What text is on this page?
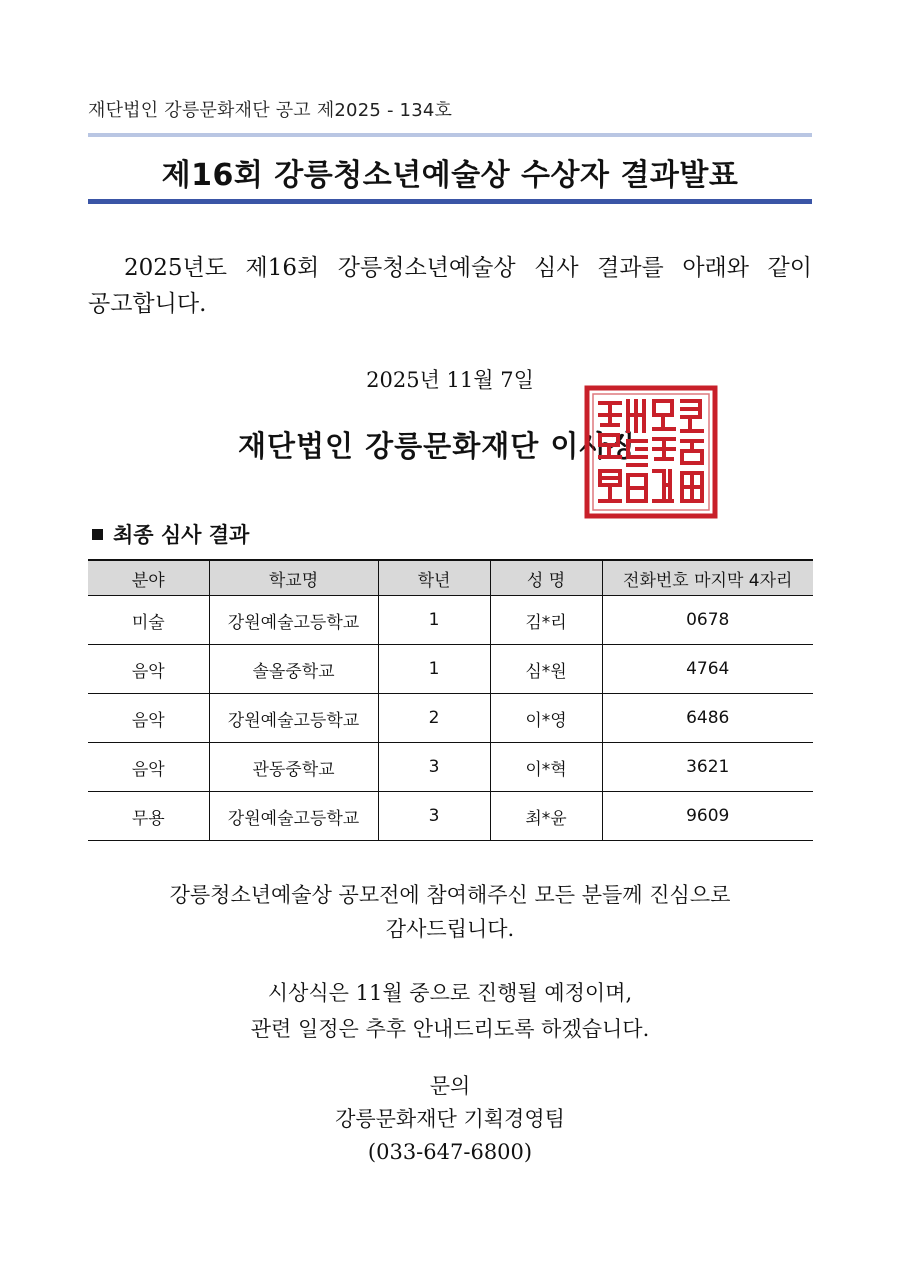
재단법인 강릉문화재단 공고 제2025 - 134호
제16회 강릉청소년예술상 수상자 결과발표
2025년도 제16회 강릉청소년예술상 심사 결과를 아래와 같이 공고합니다.
2025년 11월 7일
재단법인 강릉문화재단 이사장
최종 심사 결과
분야	학교명	학년	성 명	전화번호 마지막 4자리
미술	강원예술고등학교	1	김*리	0678
음악	솔올중학교	1	심*원	4764
음악	강원예술고등학교	2	이*영	6486
음악	관동중학교	3	이*혁	3621
무용	강원예술고등학교	3	최*윤	9609
강릉청소년예술상 공모전에 참여해주신 모든 분들께 진심으로
감사드립니다.
시상식은 11월 중으로 진행될 예정이며,
관련 일정은 추후 안내드리도록 하겠습니다.
문의
강릉문화재단 기획경영팀
(033-647-6800)
